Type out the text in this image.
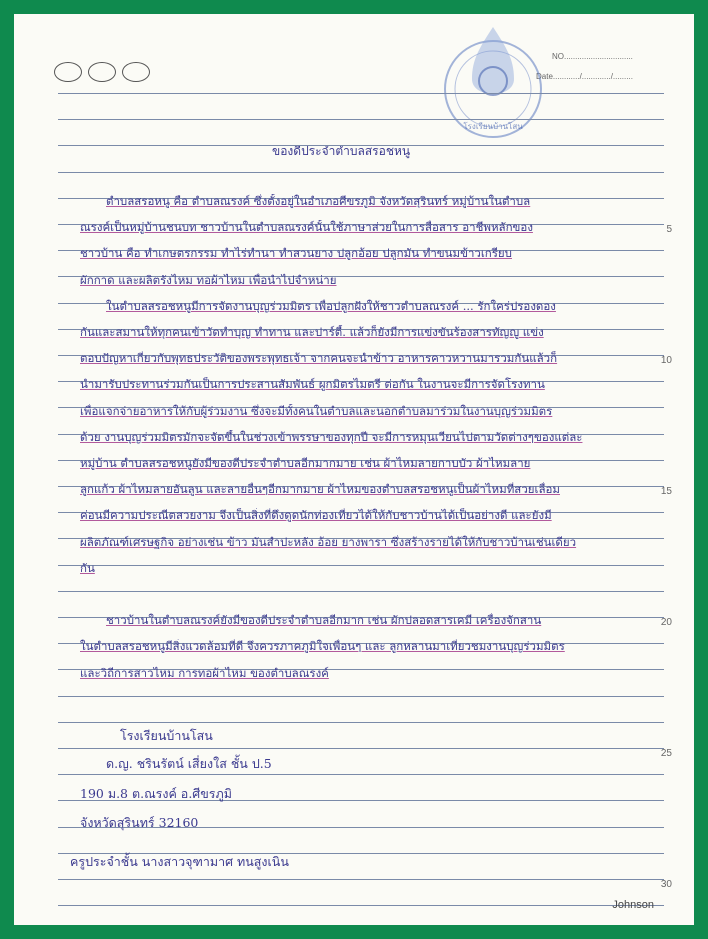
NO...............................
Date............/............./.........
โรงเรียนบ้านโสน
ของดีประจำตำบลสรอชหนู
5
10
15
20
25
30
ตำบลสรอหนู คือ ตำบลณรงค์ ซึ่งตั้งอยู่ในอำเภอศีขรภูมิ จังหวัดสุรินทร์ หมู่บ้านในตำบล
ณรงค์เป็นหมู่บ้านชนบท ชาวบ้านในตำบลณรงค์นั้นใช้ภาษาส่วยในการสื่อสาร อาชีพหลักของ
ชาวบ้าน คือ ทำเกษตรกรรม ทำไร่ทำนา ทำสวนยาง ปลูกอ้อย ปลูกมัน ทำขนมข้าวเกรียบ
ผักกาด และผลิตรังไหม ทอผ้าไหม เพื่อนำไปจำหน่าย
ในตำบลสรอชหนูมีการจัดงานบุญร่วมมิตร เพื่อปลูกฝังให้ชาวตำบลณรงค์ ... รักใคร่ปรองดอง
กันและสมานให้ทุกคนเข้าวัดทำบุญ ทำทาน และปาร์ตี้. แล้วก็ยังมีการแข่งขันร้องสารทัญญู แข่ง
ตอบปัญหาเกี่ยวกับพุทธประวัติของพระพุทธเจ้า จากคนจะนำข้าว อาหารคาวหวานมารวมกันแล้วก็
นำมารับประทานร่วมกันเป็นการประสานสัมพันธ์ ผูกมิตรไมตรี ต่อกัน ในงานจะมีการจัดโรงทาน
เพื่อแจกจ่ายอาหารให้กับผู้ร่วมงาน ซึ่งจะมีทั้งคนในตำบลและนอกตำบลมาร่วมในงานบุญร่วมมิตร
ด้วย งานบุญร่วมมิตรมักจะจัดขึ้นในช่วงเข้าพรรษาของทุกปี จะมีการหมุนเวียนไปตามวัดต่างๆของแต่ละ
หมู่บ้าน ตำบลสรอชหนูยังมีของดีประจำตำบลอีกมากมาย เช่น ผ้าไหมลายกาบบัว ผ้าไหมลาย
ลูกแก้ว ผ้าไหมลายอันลูน และลายอื่นๆอีกมากมาย ผ้าไหมของตำบลสรอชหนูเป็นผ้าไหมที่สวยเลื่อม
ค่อนมีความประณีตสวยงาม จึงเป็นสิ่งที่ดึงดูดนักท่องเที่ยวได้ให้กับชาวบ้านได้เป็นอย่างดี และยังมี
ผลิตภัณฑ์เศรษฐกิจ อย่างเช่น ข้าว มันสำปะหลัง อ้อย ยางพารา ซึ่งสร้างรายได้ให้กับชาวบ้านเช่นเดียว
กัน
ชาวบ้านในตำบลณรงค์ยังมีของดีประจำตำบลอีกมาก เช่น ผักปลอดสารเคมี เครื่องจักสาน
ในตำบลสรอชหนูมีสิ่งแวดล้อมที่ดี จึงควรภาคภูมิใจเพื่อนๆ และ ลูกหลานมาเที่ยวชมงานบุญร่วมมิตร
และวิถีการสาวไหม การทอผ้าไหม ของตำบลณรงค์
โรงเรียนบ้านโสน
ด.ญ. ชรินรัตน์ เสี่ยงใส ชั้น ป.5
190 ม.8 ต.ณรงค์ อ.ศีขรภูมิ
จังหวัดสุรินทร์ 32160
ครูประจำชั้น นางสาวจุฑามาศ ทนสูงเนิน
Johnson
